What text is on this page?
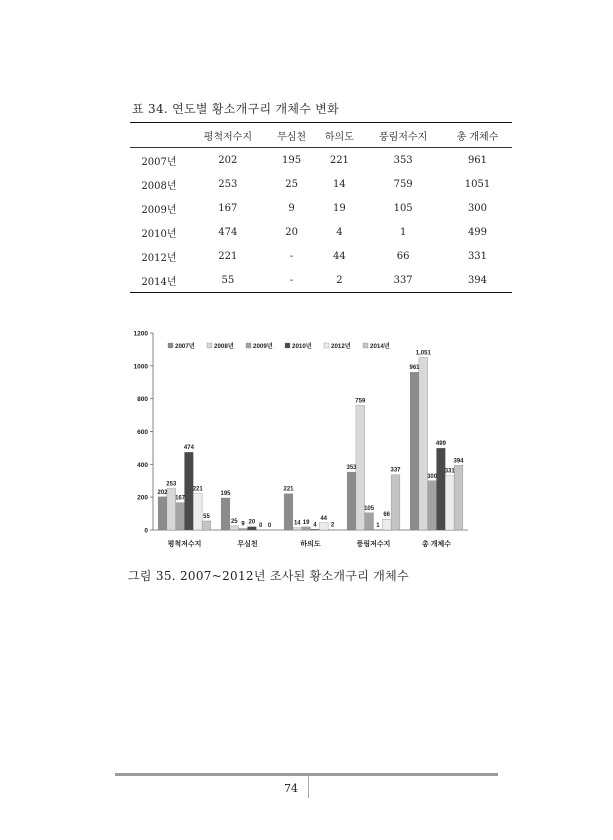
표 34. 연도별 황소개구리 개체수 변화
	평척저수지	무심천	하의도	풍림저수지	총 개체수
2007년	202	195	221	353	961
2008년	253	25	14	759	1051
2009년	167	9	19	105	300
2010년	474	20	4	1	499
2012년	221	-	44	66	331
2014년	55	-	2	337	394
0
200
400
600
800
1000
1200
202
253
167
474
221
55
평척저수지
195
25 9 20
0 0
무심천
221
14 19 4
44
2
하의도
353
759
105
1
66
337
풍림저수지
961
1,051
300
499
331
394
총 개체수
2007년	2008년	2009년	2010년	2012년	2014년
그림 35. 2007~2012년 조사된 황소개구리 개체수
74
